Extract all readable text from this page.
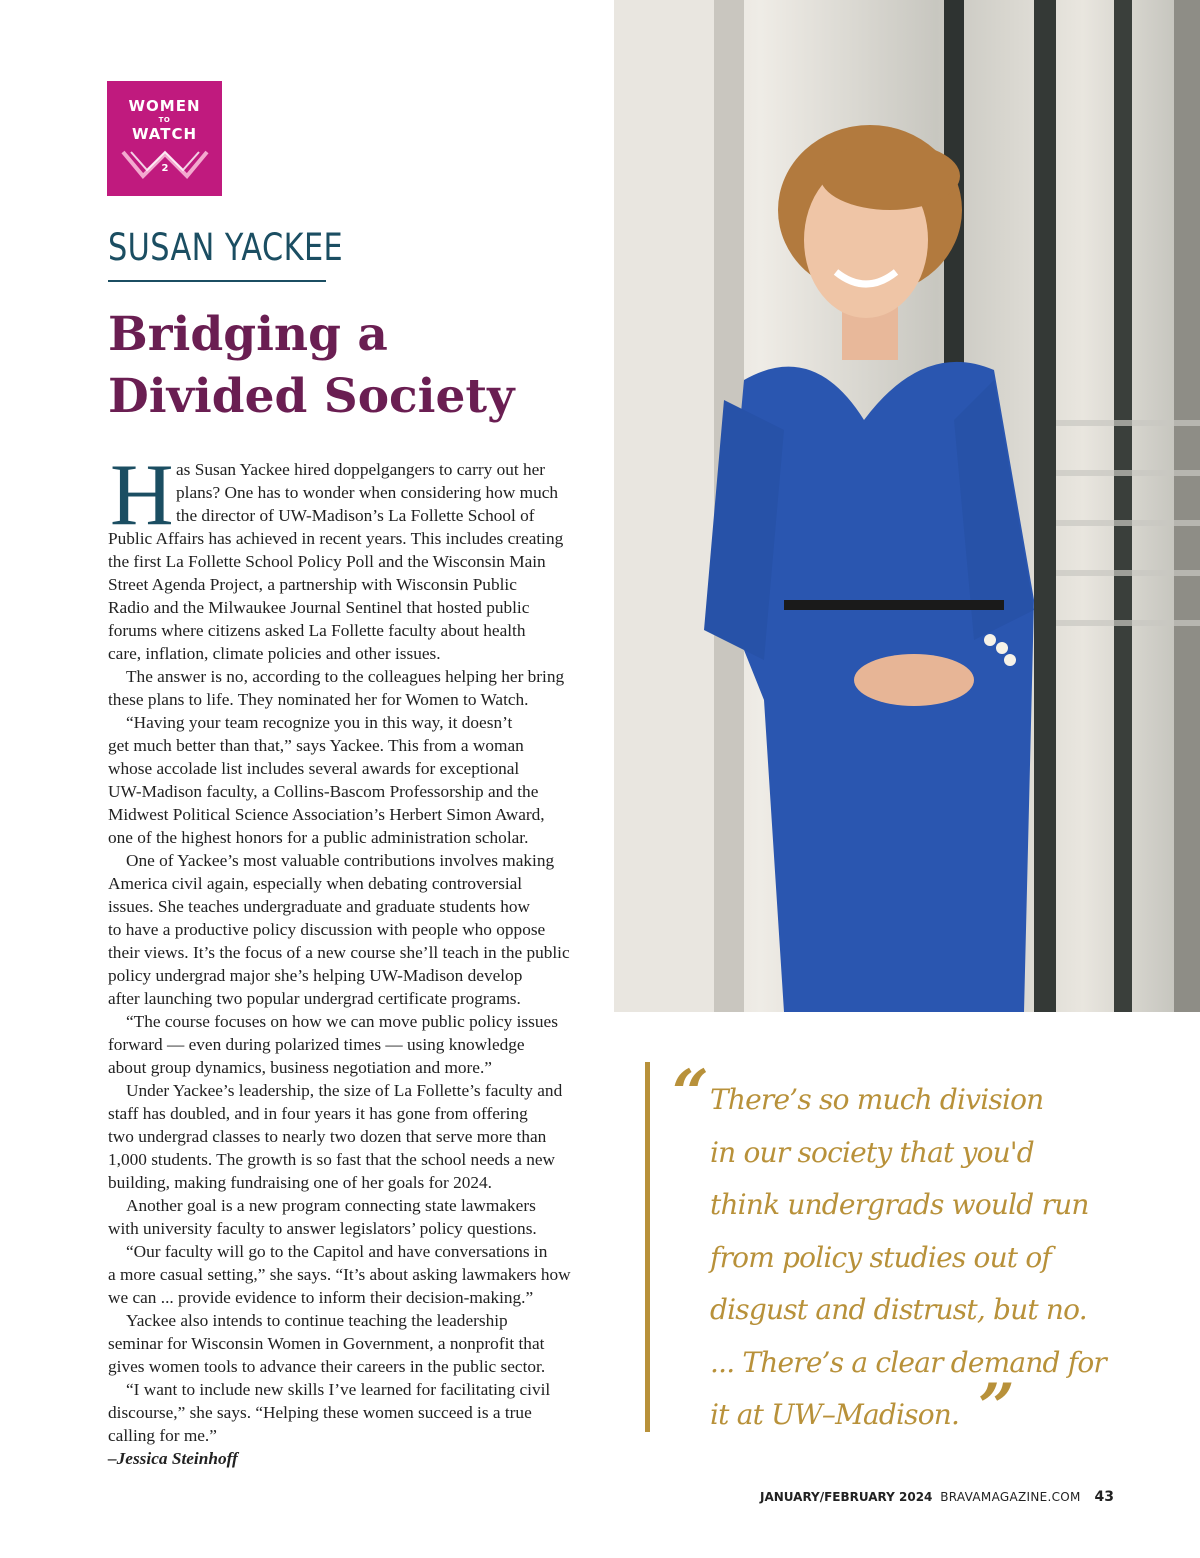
WOMEN
TO
WATCH
2
SUSAN YACKEE
Bridging a
Divided Society
H as Susan Yackee hired doppelgangers to carry out her
plans? One has to wonder when considering how much
the director of UW-Madison’s La Follette School of
Public Affairs has achieved in recent years. This includes creating
the first La Follette School Policy Poll and the Wisconsin Main
Street Agenda Project, a partnership with Wisconsin Public
Radio and the Milwaukee Journal Sentinel that hosted public
forums where citizens asked La Follette faculty about health
care, inflation, climate policies and other issues.
The answer is no, according to the colleagues helping her bring
these plans to life. They nominated her for Women to Watch.
“Having your team recognize you in this way, it doesn’t
get much better than that,” says Yackee. This from a woman
whose accolade list includes several awards for exceptional
UW-Madison faculty, a Collins-Bascom Professorship and the
Midwest Political Science Association’s Herbert Simon Award,
one of the highest honors for a public administration scholar.
One of Yackee’s most valuable contributions involves making
America civil again, especially when debating controversial
issues. She teaches undergraduate and graduate students how
to have a productive policy discussion with people who oppose
their views. It’s the focus of a new course she’ll teach in the public
policy undergrad major she’s helping UW-Madison develop
after launching two popular undergrad certificate programs.
“The course focuses on how we can move public policy issues
forward — even during polarized times — using knowledge
about group dynamics, business negotiation and more.”
Under Yackee’s leadership, the size of La Follette’s faculty and
staff has doubled, and in four years it has gone from offering
two undergrad classes to nearly two dozen that serve more than
1,000 students. The growth is so fast that the school needs a new
building, making fundraising one of her goals for 2024.
Another goal is a new program connecting state lawmakers
with university faculty to answer legislators’ policy questions.
“Our faculty will go to the Capitol and have conversations in
a more casual setting,” she says. “It’s about asking lawmakers how
we can ... provide evidence to inform their decision-making.”
Yackee also intends to continue teaching the leadership
seminar for Wisconsin Women in Government, a nonprofit that
gives women tools to advance their careers in the public sector.
“I want to include new skills I’ve learned for facilitating civil
discourse,” she says. “Helping these women succeed is a true
calling for me.”
–Jessica Steinhoff
“ There’s so much division
in our society that you'd
think undergrads would run
from policy studies out of
disgust and distrust, but no.
... There’s a clear demand for
it at UW–Madison. ”
JANUARY/FEBRUARY 2024 BRAVAMAGAZINE.COM 43
